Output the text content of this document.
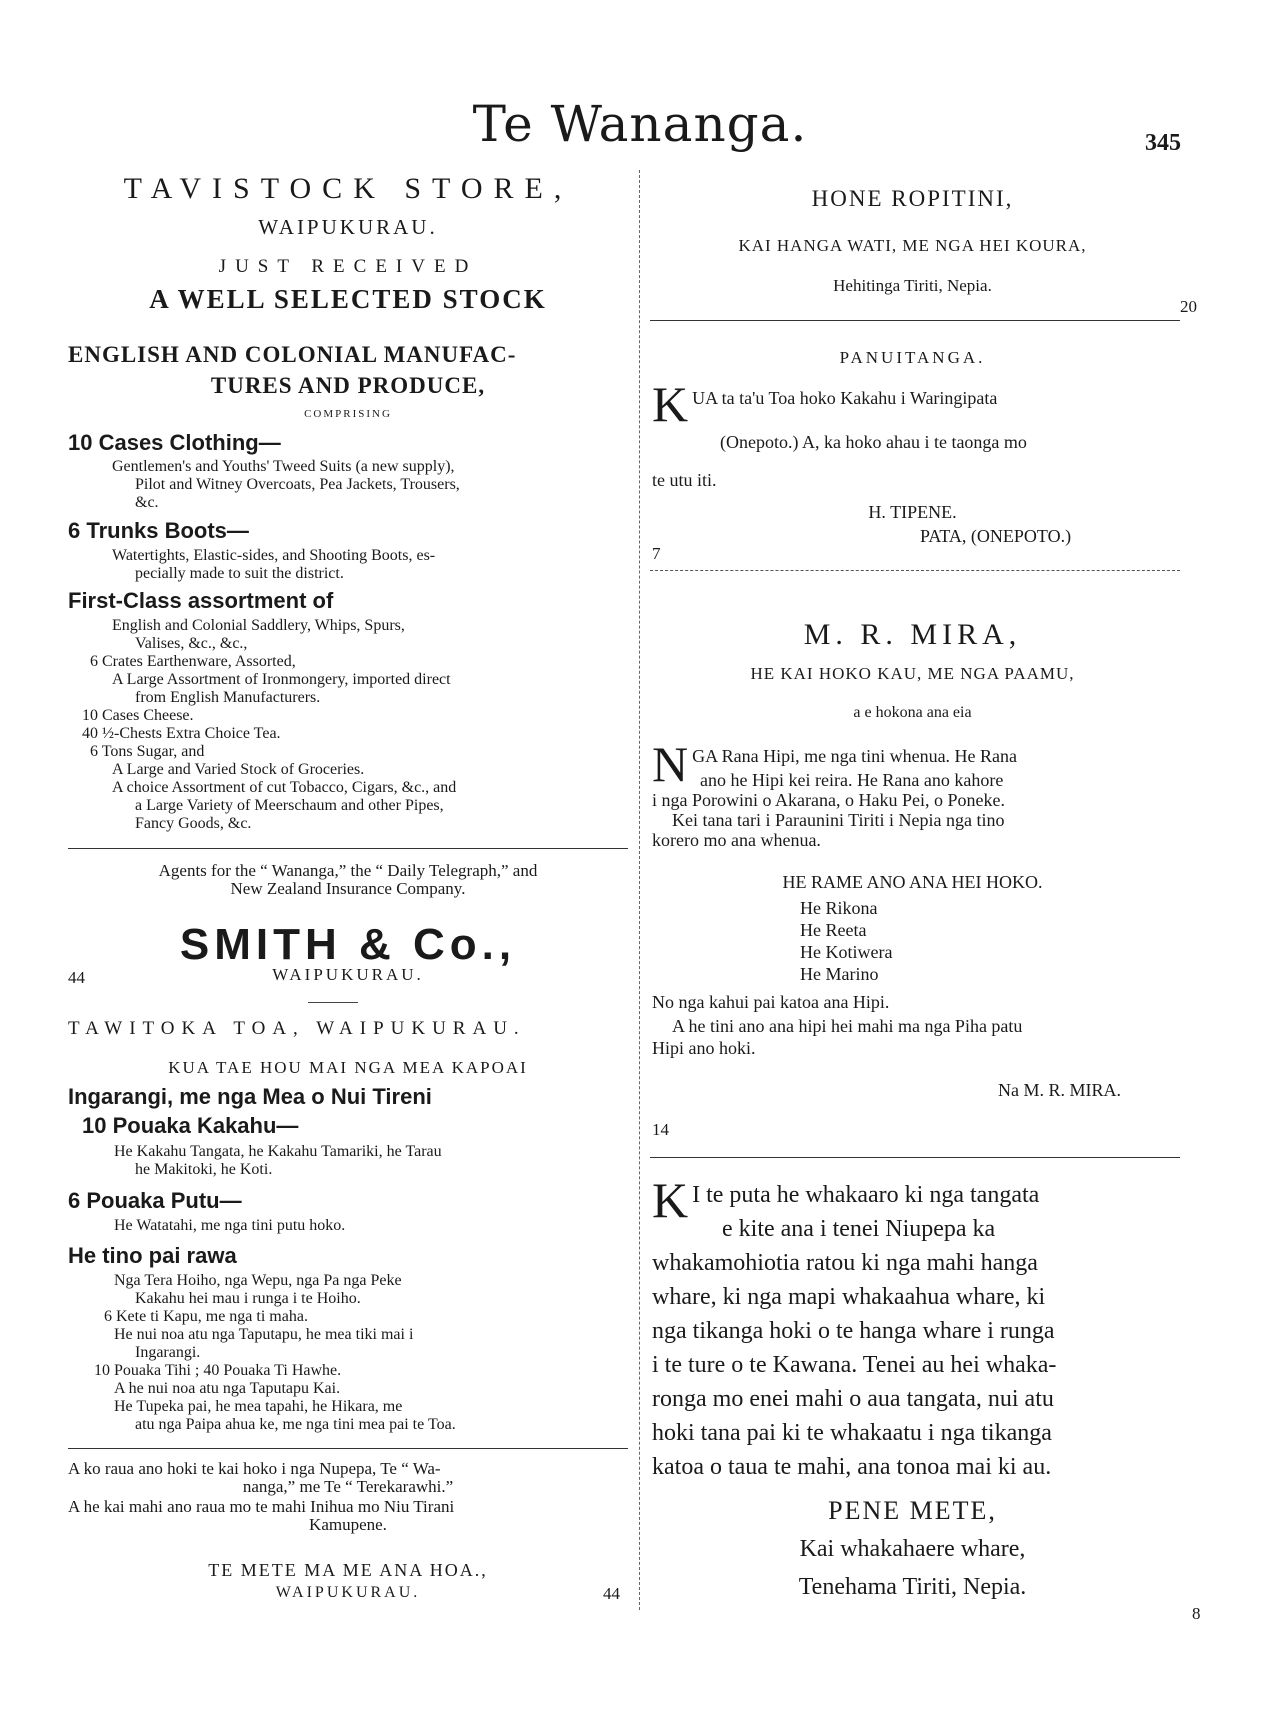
Te Wananga.	345
TAVISTOCK STORE,
WAIPUKURAU.
JUST RECEIVED
A WELL SELECTED STOCK
ENGLISH AND COLONIAL MANUFAC-
TURES AND PRODUCE,
COMPRISING
10 Cases Clothing—
Gentlemen's and Youths' Tweed Suits (a new supply),
Pilot and Witney Overcoats, Pea Jackets, Trousers,
&c.
6 Trunks Boots—
Watertights, Elastic-sides, and Shooting Boots, es-
pecially made to suit the district.
First-Class assortment of
English and Colonial Saddlery, Whips, Spurs,
Valises, &c., &c.,
6 Crates Earthenware, Assorted,
A Large Assortment of Ironmongery, imported direct
from English Manufacturers.
10 Cases Cheese.
40 ½-Chests Extra Choice Tea.
6 Tons Sugar, and
A Large and Varied Stock of Groceries.
A choice Assortment of cut Tobacco, Cigars, &c., and
a Large Variety of Meerschaum and other Pipes,
Fancy Goods, &c.
Agents for the “ Wananga,” the “ Daily Telegraph,” and
New Zealand Insurance Company.
SMITH & Co.,
44	WAIPUKURAU.
TAWITOKA TOA, WAIPUKURAU.
KUA TAE HOU MAI NGA MEA KAPOAI
Ingarangi, me nga Mea o Nui Tireni
10 Pouaka Kakahu—
He Kakahu Tangata, he Kakahu Tamariki, he Tarau
he Makitoki, he Koti.
6 Pouaka Putu—
He Watatahi, me nga tini putu hoko.
He tino pai rawa
Nga Tera Hoiho, nga Wepu, nga Pa nga Peke
Kakahu hei mau i runga i te Hoiho.
6 Kete ti Kapu, me nga ti maha.
He nui noa atu nga Taputapu, he mea tiki mai i
Ingarangi.
10 Pouaka Tihi ; 40 Pouaka Ti Hawhe.
A he nui noa atu nga Taputapu Kai.
He Tupeka pai, he mea tapahi, he Hikara, me
atu nga Paipa ahua ke, me nga tini mea pai te Toa.
A ko raua ano hoki te kai hoko i nga Nupepa, Te “ Wa-
nanga,” me Te “ Terekarawhi.”
A he kai mahi ano raua mo te mahi Inihua mo Niu Tirani
Kamupene.
TE METE MA ME ANA HOA.,
WAIPUKURAU.	44
HONE ROPITINI,
KAI HANGA WATI, ME NGA HEI KOURA,
Hehitinga Tiriti, Nepia.
20
PANUITANGA.
K UA ta ta'u Toa hoko Kakahu i Waringipata
(Onepoto.) A, ka hoko ahau i te taonga mo
te utu iti.
H. TIPENE.
PATA, (ONEPOTO.)
7
M. R. MIRA,
HE KAI HOKO KAU, ME NGA PAAMU,
a e hokona ana eia
N GA Rana Hipi, me nga tini whenua. He Rana
ano he Hipi kei reira. He Rana ano kahore
i nga Porowini o Akarana, o Haku Pei, o Poneke.
Kei tana tari i Paraunini Tiriti i Nepia nga tino
korero mo ana whenua.
HE RAME ANO ANA HEI HOKO.
He Rikona
He Reeta
He Kotiwera
He Marino
No nga kahui pai katoa ana Hipi.
A he tini ano ana hipi hei mahi ma nga Piha patu
Hipi ano hoki.
Na M. R. MIRA.
14
K I te puta he whakaaro ki nga tangata
e kite ana i tenei Niupepa ka
whakamohiotia ratou ki nga mahi hanga
whare, ki nga mapi whakaahua whare, ki
nga tikanga hoki o te hanga whare i runga
i te ture o te Kawana. Tenei au hei whaka-
ronga mo enei mahi o aua tangata, nui atu
hoki tana pai ki te whakaatu i nga tikanga
katoa o taua te mahi, ana tonoa mai ki au.
PENE METE,
Kai whakahaere whare,
Tenehama Tiriti, Nepia.
8
